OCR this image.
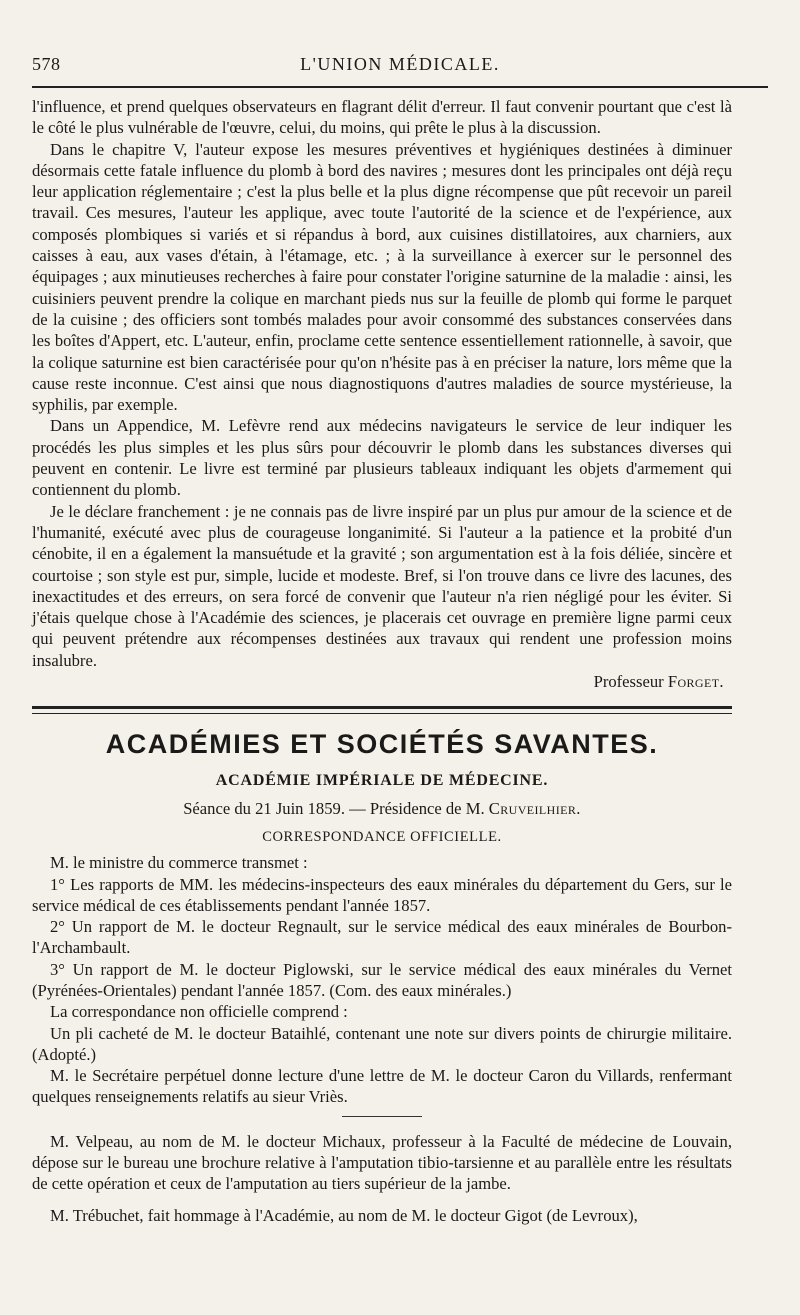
578	L'UNION MÉDICALE.

l'influence, et prend quelques observateurs en flagrant délit d'erreur. Il faut convenir pourtant que c'est là le côté le plus vulnérable de l'œuvre, celui, du moins, qui prête le plus à la discussion.

Dans le chapitre V, l'auteur expose les mesures préventives et hygiéniques destinées à diminuer désormais cette fatale influence du plomb à bord des navires ; mesures dont les principales ont déjà reçu leur application réglementaire ; c'est la plus belle et la plus digne récompense que pût recevoir un pareil travail. Ces mesures, l'auteur les applique, avec toute l'autorité de la science et de l'expérience, aux composés plombiques si variés et si répandus à bord, aux cuisines distillatoires, aux charniers, aux caisses à eau, aux vases d'étain, à l'étamage, etc. ; à la surveillance à exercer sur le personnel des équipages ; aux minutieuses recherches à faire pour constater l'origine saturnine de la maladie : ainsi, les cuisiniers peuvent prendre la colique en marchant pieds nus sur la feuille de plomb qui forme le parquet de la cuisine ; des officiers sont tombés malades pour avoir consommé des substances conservées dans les boîtes d'Appert, etc. L'auteur, enfin, proclame cette sentence essentiellement rationnelle, à savoir, que la colique saturnine est bien caractérisée pour qu'on n'hésite pas à en préciser la nature, lors même que la cause reste inconnue. C'est ainsi que nous diagnostiquons d'autres maladies de source mystérieuse, la syphilis, par exemple.

Dans un Appendice, M. Lefèvre rend aux médecins navigateurs le service de leur indiquer les procédés les plus simples et les plus sûrs pour découvrir le plomb dans les substances diverses qui peuvent en contenir. Le livre est terminé par plusieurs tableaux indiquant les objets d'armement qui contiennent du plomb.

Je le déclare franchement : je ne connais pas de livre inspiré par un plus pur amour de la science et de l'humanité, exécuté avec plus de courageuse longanimité. Si l'auteur a la patience et la probité d'un cénobite, il en a également la mansuétude et la gravité ; son argumentation est à la fois déliée, sincère et courtoise ; son style est pur, simple, lucide et modeste. Bref, si l'on trouve dans ce livre des lacunes, des inexactitudes et des erreurs, on sera forcé de convenir que l'auteur n'a rien négligé pour les éviter. Si j'étais quelque chose à l'Académie des sciences, je placerais cet ouvrage en première ligne parmi ceux qui peuvent prétendre aux récompenses destinées aux travaux qui rendent une profession moins insalubre.

Professeur Forget.

ACADÉMIES ET SOCIÉTÉS SAVANTES.
ACADÉMIE IMPÉRIALE DE MÉDECINE.
Séance du 21 Juin 1859. — Présidence de M. Cruveilhier.
CORRESPONDANCE OFFICIELLE.

M. le ministre du commerce transmet :

1° Les rapports de MM. les médecins-inspecteurs des eaux minérales du département du Gers, sur le service médical de ces établissements pendant l'année 1857.

2° Un rapport de M. le docteur Regnault, sur le service médical des eaux minérales de Bourbon-l'Archambault.

3° Un rapport de M. le docteur Piglowski, sur le service médical des eaux minérales du Vernet (Pyrénées-Orientales) pendant l'année 1857. (Com. des eaux minérales.)

La correspondance non officielle comprend :

Un pli cacheté de M. le docteur Bataihlé, contenant une note sur divers points de chirurgie militaire. (Adopté.)

M. le Secrétaire perpétuel donne lecture d'une lettre de M. le docteur Caron du Villards, renfermant quelques renseignements relatifs au sieur Vriès.

M. Velpeau, au nom de M. le docteur Michaux, professeur à la Faculté de médecine de Louvain, dépose sur le bureau une brochure relative à l'amputation tibio-tarsienne et au parallèle entre les résultats de cette opération et ceux de l'amputation au tiers supérieur de la jambe.

M. Trébuchet, fait hommage à l'Académie, au nom de M. le docteur Gigot (de Levroux),
